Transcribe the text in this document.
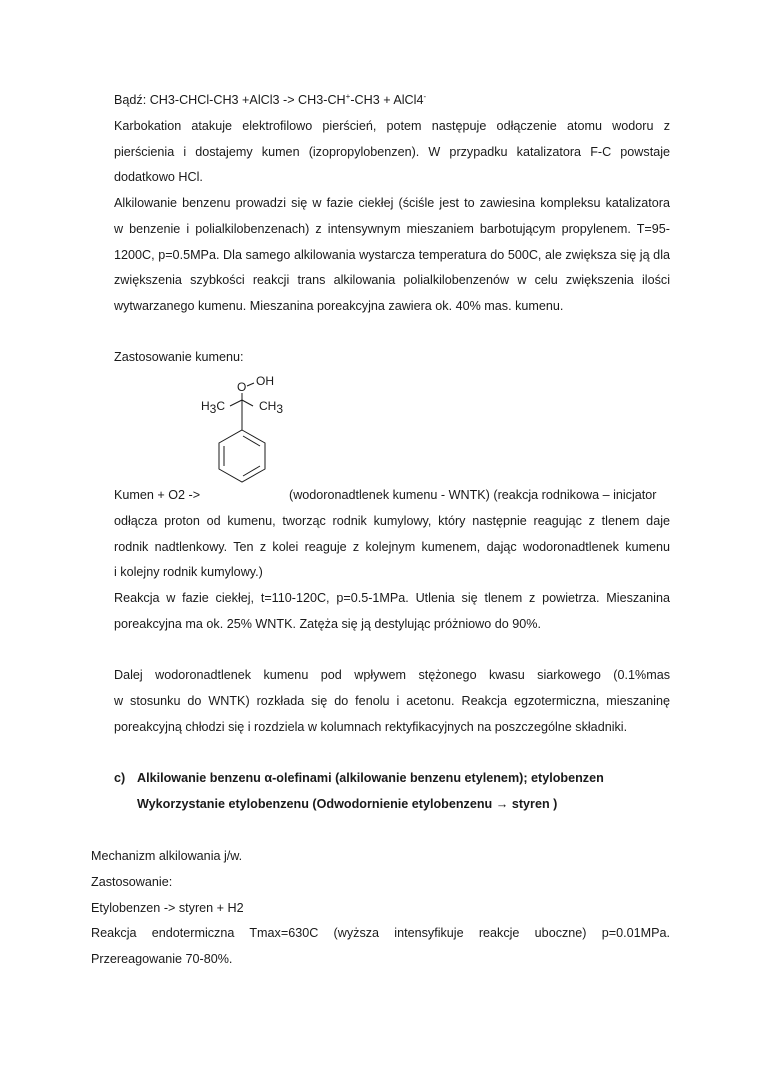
Bądź: CH3-CHCl-CH3 +AlCl3 -> CH3-CH+-CH3 + AlCl4-
Karbokation atakuje elektrofilowo pierścień, potem następuje odłączenie atomu wodoru z
pierścienia i dostajemy kumen (izopropylobenzen). W przypadku katalizatora F-C powstaje
dodatkowo HCl.
Alkilowanie benzenu prowadzi się w fazie ciekłej (ściśle jest to zawiesina kompleksu katalizatora
w benzenie i polialkilobenzenach) z intensywnym mieszaniem barbotującym propylenem. T=95-
1200C, p=0.5MPa. Dla samego alkilowania wystarcza temperatura do 500C, ale zwiększa się ją dla
zwiększenia szybkości reakcji trans alkilowania polialkilobenzenów w celu zwiększenia ilości
wytwarzanego kumenu. Mieszanina poreakcyjna zawiera ok. 40% mas. kumenu.
Zastosowanie kumenu:
O OH
H3C	CH3
Kumen + O2 ->	(wodoronadtlenek kumenu - WNTK) (reakcja rodnikowa – inicjator
odłącza proton od kumenu, tworząc rodnik kumylowy, który następnie reagując z tlenem daje
rodnik nadtlenkowy. Ten z kolei reaguje z kolejnym kumenem, dając wodoronadtlenek kumenu
i kolejny rodnik kumylowy.)
Reakcja w fazie ciekłej, t=110-120C, p=0.5-1MPa. Utlenia się tlenem z powietrza. Mieszanina
poreakcyjna ma ok. 25% WNTK. Zatęża się ją destylując próżniowo do 90%.
Dalej wodoronadtlenek kumenu pod wpływem stężonego kwasu siarkowego (0.1%mas
w stosunku do WNTK) rozkłada się do fenolu i acetonu. Reakcja egzotermiczna, mieszaninę
poreakcyjną chłodzi się i rozdziela w kolumnach rektyfikacyjnych na poszczególne składniki.
c) Alkilowanie benzenu α-olefinami (alkilowanie benzenu etylenem); etylobenzen
Wykorzystanie etylobenzenu (Odwodornienie etylobenzenu → styren )
Mechanizm alkilowania j/w.
Zastosowanie:
Etylobenzen -> styren + H2
Reakcja endotermiczna Tmax=630C (wyższa intensyfikuje reakcje uboczne) p=0.01MPa.
Przereagowanie 70-80%.
